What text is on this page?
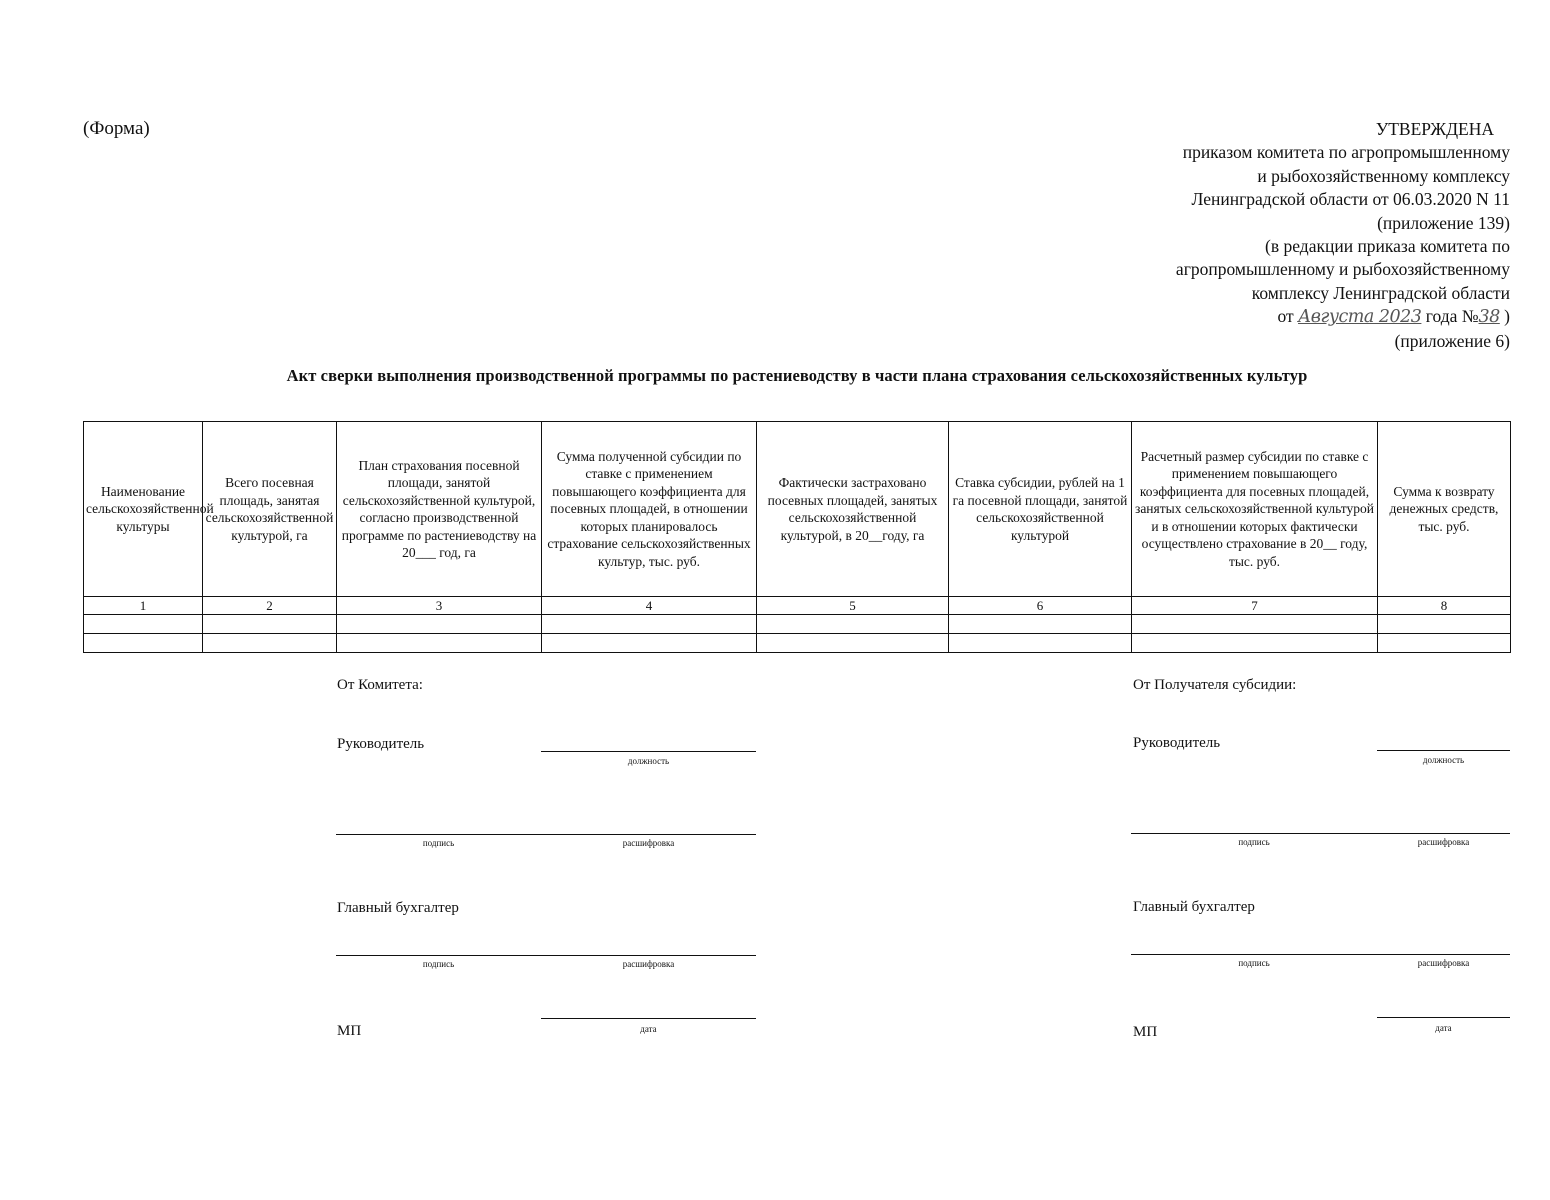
(Форма)	УТВЕРЖДЕНА
приказом комитета по агропромышленному
и рыбохозяйственному комплексу
Ленинградской области от 06.03.2020 N 11
(приложение 139)
(в редакции приказа комитета по
агропромышленному и рыбохозяйственному
комплексу Ленинградской области
от Августа 2023 года №38 )
(приложение 6)
Акт сверки выполнения производственной программы по растениеводству в части плана страхования сельскохозяйственных культур
Наименование сельскохозяйственной культуры	Всего посевная площадь, занятая сельскохозяйственной культурой, га	План страхования посевной площади, занятой сельскохозяйственной культурой, согласно производственной программе по растениеводству на 20___ год, га	Сумма полученной субсидии по ставке с применением повышающего коэффициента для посевных площадей, в отношении которых планировалось страхование сельскохозяйственных культур, тыс. руб.	Фактически застраховано посевных площадей, занятых сельскохозяйственной культурой, в 20__году, га	Ставка субсидии, рублей на 1 га посевной площади, занятой сельскохозяйственной культурой	Расчетный размер субсидии по ставке с применением повышающего коэффициента для посевных площадей, занятых сельскохозяйственной культурой и в отношении которых фактически осуществлено страхование в 20__ году, тыс. руб.	Сумма к возврату денежных средств, тыс. руб.
1	2	3	4	5	6	7	8

От Комитета:
Руководитель
должность
подпись	расшифровка
Главный бухгалтер
подпись	расшифровка
МП	дата
От Получателя субсидии:
Руководитель
должность
подпись	расшифровка
Главный бухгалтер
подпись	расшифровка
МП	дата
